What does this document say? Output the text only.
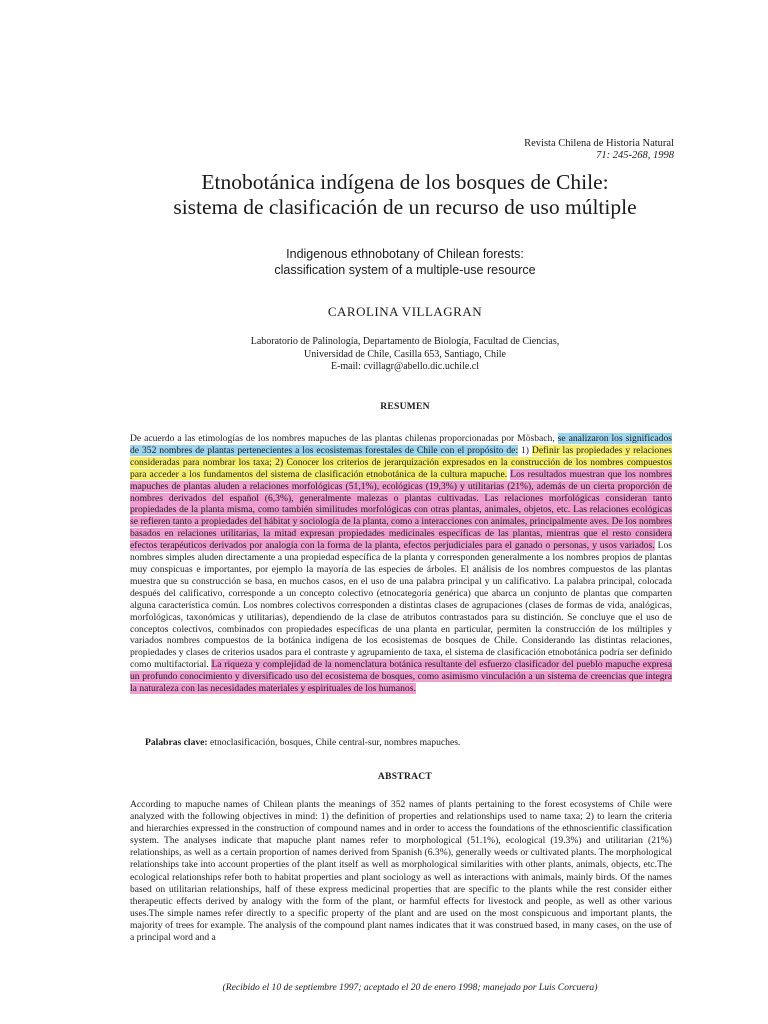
Revista Chilena de Historia Natural
71: 245-268, 1998
Etnobotánica indígena de los bosques de Chile:
sistema de clasificación de un recurso de uso múltiple
Indigenous ethnobotany of Chilean forests:
classification system of a multiple-use resource
CAROLINA VILLAGRAN
Laboratorio de Palinología, Departamento de Biología, Facultad de Ciencias,
Universidad de Chile, Casilla 653, Santiago, Chile
E-mail: cvillagr@abello.dic.uchile.cl
RESUMEN
De acuerdo a las etimologías de los nombres mapuches de las plantas chilenas proporcionadas por Mösbach, se analizaron los significados de 352 nombres de plantas pertenecientes a los ecosistemas forestales de Chile con el propósito de: 1) Definir las propiedades y relaciones consideradas para nombrar los taxa; 2) Conocer los criterios de jerarquización expresados en la construcción de los nombres compuestos para acceder a los fundamentos del sistema de clasificación etnobotánica de la cultura mapuche. Los resultados muestran que los nombres mapuches de plantas aluden a relaciones morfológicas (51,1%), ecológicas (19,3%) y utilitarias (21%), además de un cierta proporción de nombres derivados del español (6,3%), generalmente malezas o plantas cultivadas. Las relaciones morfológicas consideran tanto propiedades de la planta misma, como también similitudes morfológicas con otras plantas, animales, objetos, etc. Las relaciones ecológicas se refieren tanto a propiedades del hábitat y sociología de la planta, como a interacciones con animales, principalmente aves. De los nombres basados en relaciones utilitarias, la mitad expresan propiedades medicinales específicas de las plantas, mientras que el resto considera efectos terapéuticos derivados por analogía con la forma de la planta, efectos perjudiciales para el ganado o personas, y usos variados. Los nombres simples aluden directamente a una propiedad específica de la planta y corresponden generalmente a los nombres propios de plantas muy conspicuas e importantes, por ejemplo la mayoría de las especies de árboles. El análisis de los nombres compuestos de las plantas muestra que su construcción se basa, en muchos casos, en el uso de una palabra principal y un calificativo. La palabra principal, colocada después del calificativo, corresponde a un concepto colectivo (etnocategoría genérica) que abarca un conjunto de plantas que comparten alguna característica común. Los nombres colectivos corresponden a distintas clases de agrupaciones (clases de formas de vida, analógicas, morfológicas, taxonómicas y utilitarias), dependiendo de la clase de atributos contrastados para su distinción. Se concluye que el uso de conceptos colectivos, combinados con propiedades específicas de una planta en particular, permiten la construcción de los múltiples y variados nombres compuestos de la botánica indígena de los ecosistemas de bosques de Chile. Considerando las distintas relaciones, propiedades y clases de criterios usados para el contraste y agrupamiento de taxa, el sistema de clasificación etnobotánica podría ser definido como multifactorial. La riqueza y complejidad de la nomenclatura botánica resultante del esfuerzo clasificador del pueblo mapuche expresa un profundo conocimiento y diversificado uso del ecosistema de bosques, como asimismo vinculación a un sistema de creencias que integra la naturaleza con las necesidades materiales y espirituales de los humanos.
Palabras clave: etnoclasificación, bosques, Chile central-sur, nombres mapuches.
ABSTRACT
According to mapuche names of Chilean plants the meanings of 352 names of plants pertaining to the forest ecosystems of Chile were analyzed with the following objectives in mind: 1) the definition of properties and relationships used to name taxa; 2) to learn the criteria and hierarchies expressed in the construction of compound names and in order to access the foundations of the ethnoscientific classification system. The analyses indicate that mapuche plant names refer to morphological (51.1%), ecological (19.3%) and utilitarian (21%) relationships, as well as a certain proportion of names derived from Spanish (6.3%), generally weeds or cultivated plants. The morphological relationships take into account properties of the plant itself as well as morphological similarities with other plants, animals, objects, etc.The ecological relationships refer both to habitat properties and plant sociology as well as interactions with animals, mainly birds. Of the names based on utilitarian relationships, half of these express medicinal properties that are specific to the plants while the rest consider either therapeutic effects derived by analogy with the form of the plant, or harmful effects for livestock and people, as well as other various uses.The simple names refer directly to a specific property of the plant and are used on the most conspicuous and important plants, the majority of trees for example. The analysis of the compound plant names indicates that it was construed based, in many cases, on the use of a principal word and a
(Recibido el 10 de septiembre 1997; aceptado el 20 de enero 1998; manejado por Luis Corcuera)
